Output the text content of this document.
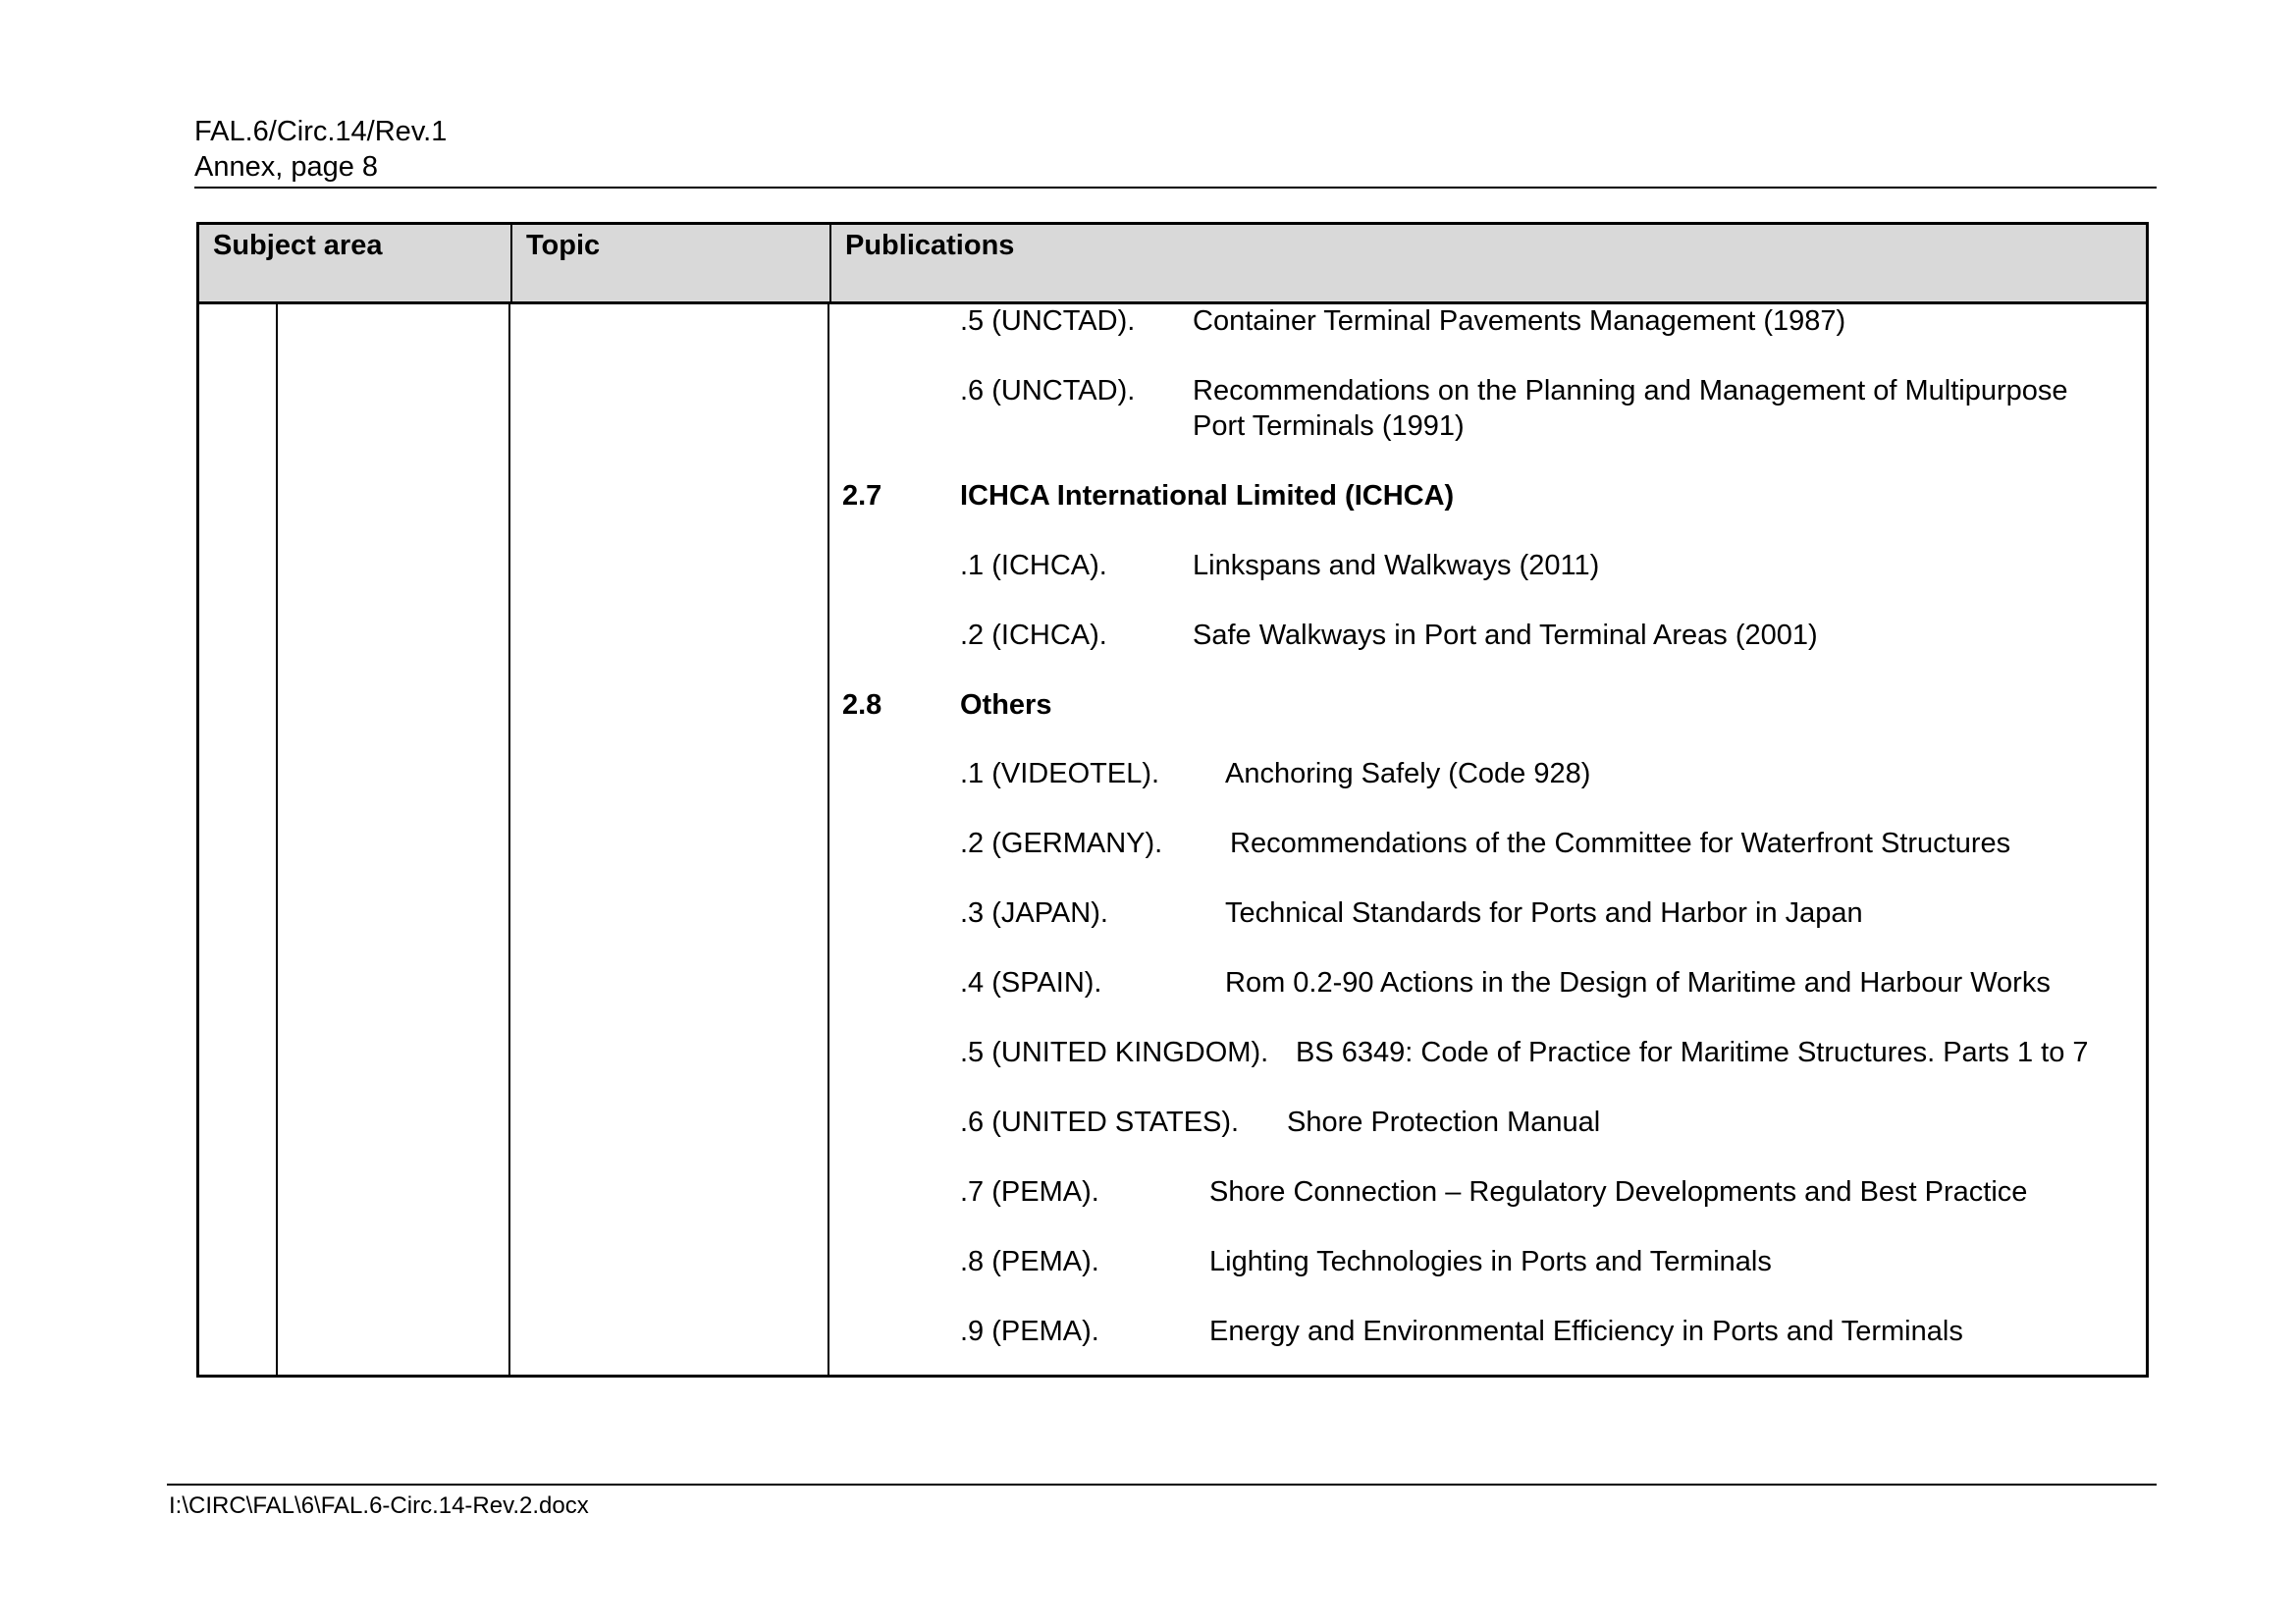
FAL.6/Circ.14/Rev.1
Annex, page 8
Subject area	Topic	Publications
.5 (UNCTAD). Container Terminal Pavements Management (1987)
.6 (UNCTAD). Recommendations on the Planning and Management of Multipurpose
Port Terminals (1991)
2.7	ICHCA International Limited (ICHCA)
.1 (ICHCA).	Linkspans and Walkways (2011)
.2 (ICHCA).	Safe Walkways in Port and Terminal Areas (2001)
2.8	Others
.1 (VIDEOTEL). Anchoring Safely (Code 928)
.2 (GERMANY). Recommendations of the Committee for Waterfront Structures
.3 (JAPAN).	Technical Standards for Ports and Harbor in Japan
.4 (SPAIN).	Rom 0.2-90 Actions in the Design of Maritime and Harbour Works
.5 (UNITED KINGDOM). BS 6349: Code of Practice for Maritime Structures. Parts 1 to 7
.6 (UNITED STATES). Shore Protection Manual
.7 (PEMA).	Shore Connection – Regulatory Developments and Best Practice
.8 (PEMA).	Lighting Technologies in Ports and Terminals
.9 (PEMA).	Energy and Environmental Efficiency in Ports and Terminals
I:\CIRC\FAL\6\FAL.6-Circ.14-Rev.2.docx
